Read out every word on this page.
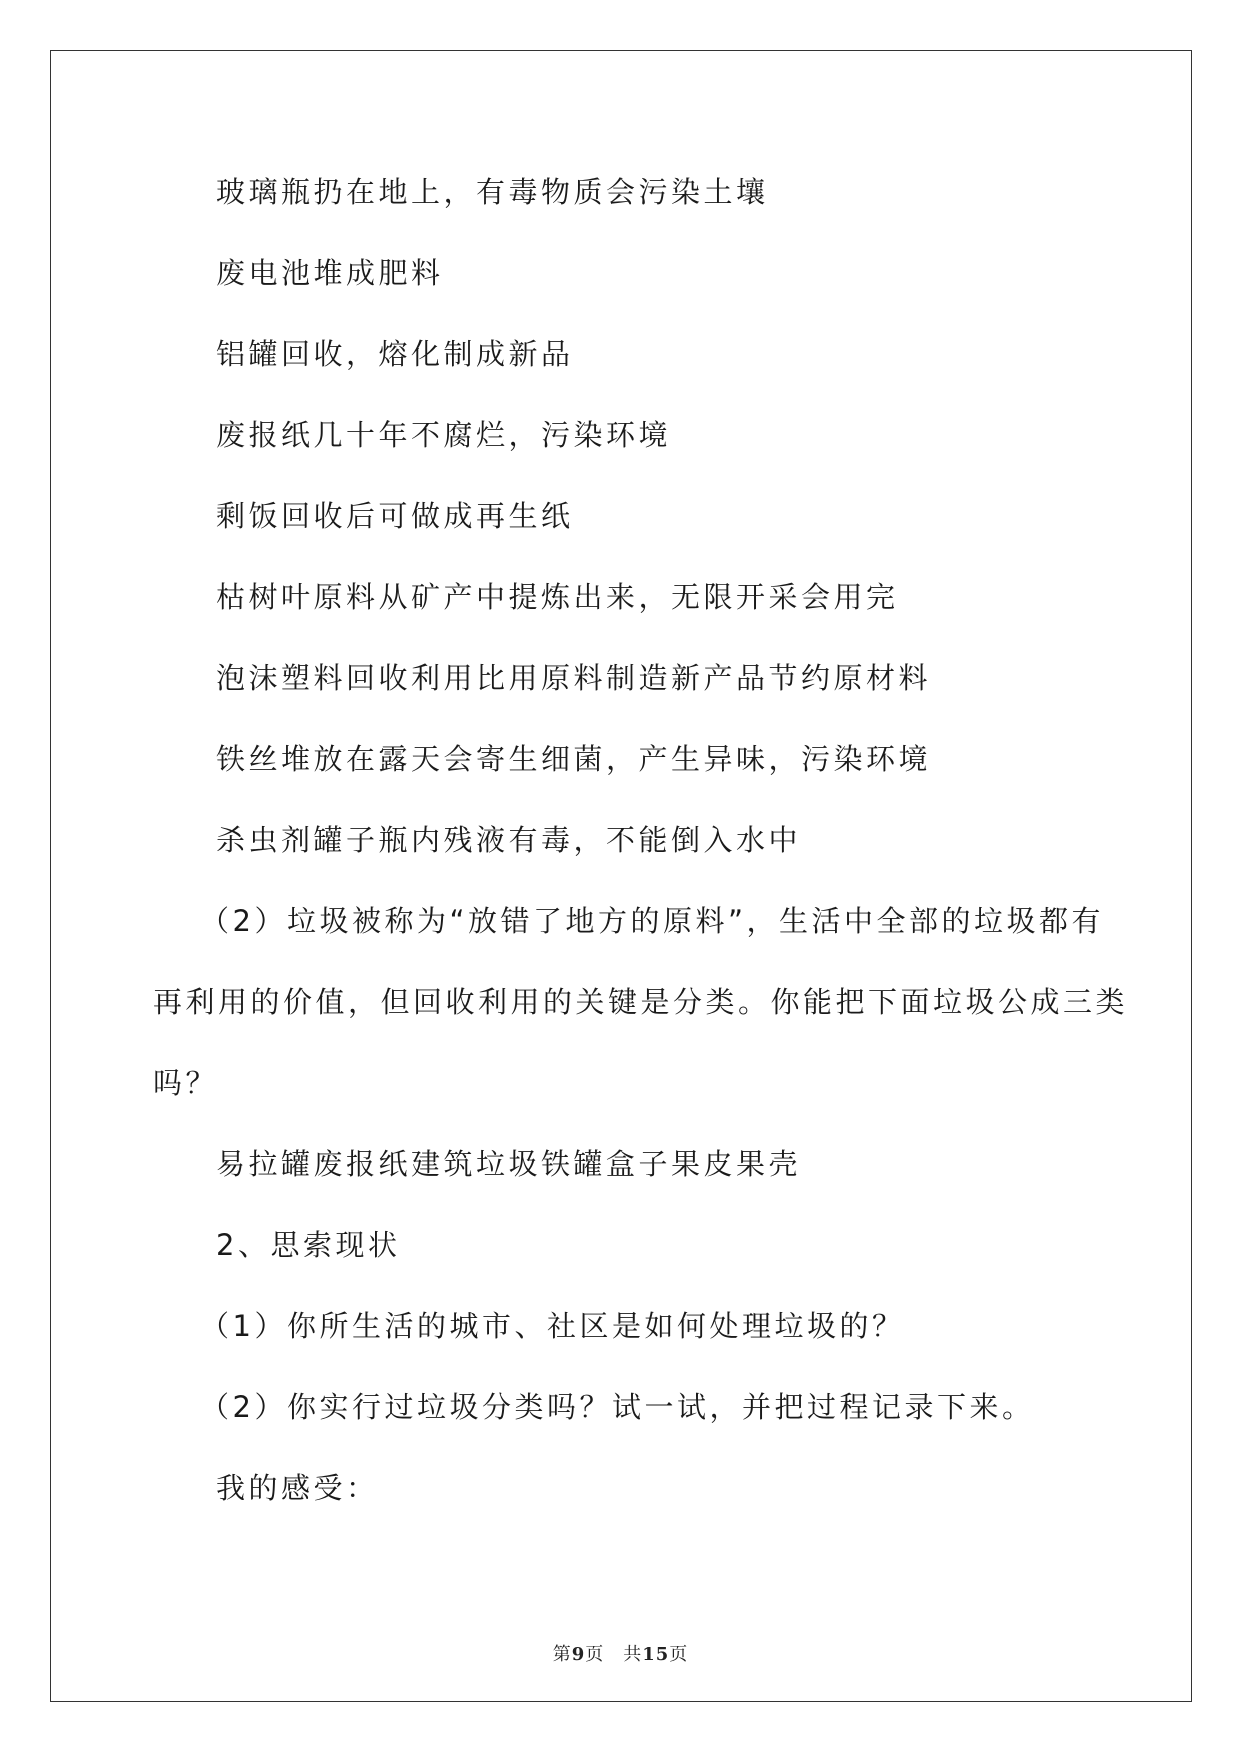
玻璃瓶扔在地上，有毒物质会污染土壤
废电池堆成肥料
铝罐回收，熔化制成新品
废报纸几十年不腐烂，污染环境
剩饭回收后可做成再生纸
枯树叶原料从矿产中提炼出来，无限开采会用完
泡沫塑料回收利用比用原料制造新产品节约原材料
铁丝堆放在露天会寄生细菌，产生异味，污染环境
杀虫剂罐子瓶内残液有毒，不能倒入水中
（2）垃圾被称为“放错了地方的原料”，生活中全部的垃圾都有
再利用的价值，但回收利用的关键是分类。你能把下面垃圾公成三类
吗？
易拉罐废报纸建筑垃圾铁罐盒子果皮果壳
2、思索现状
（1）你所生活的城市、社区是如何处理垃圾的？
（2）你实行过垃圾分类吗？试一试，并把过程记录下来。
我的感受：
第9页　共15页
